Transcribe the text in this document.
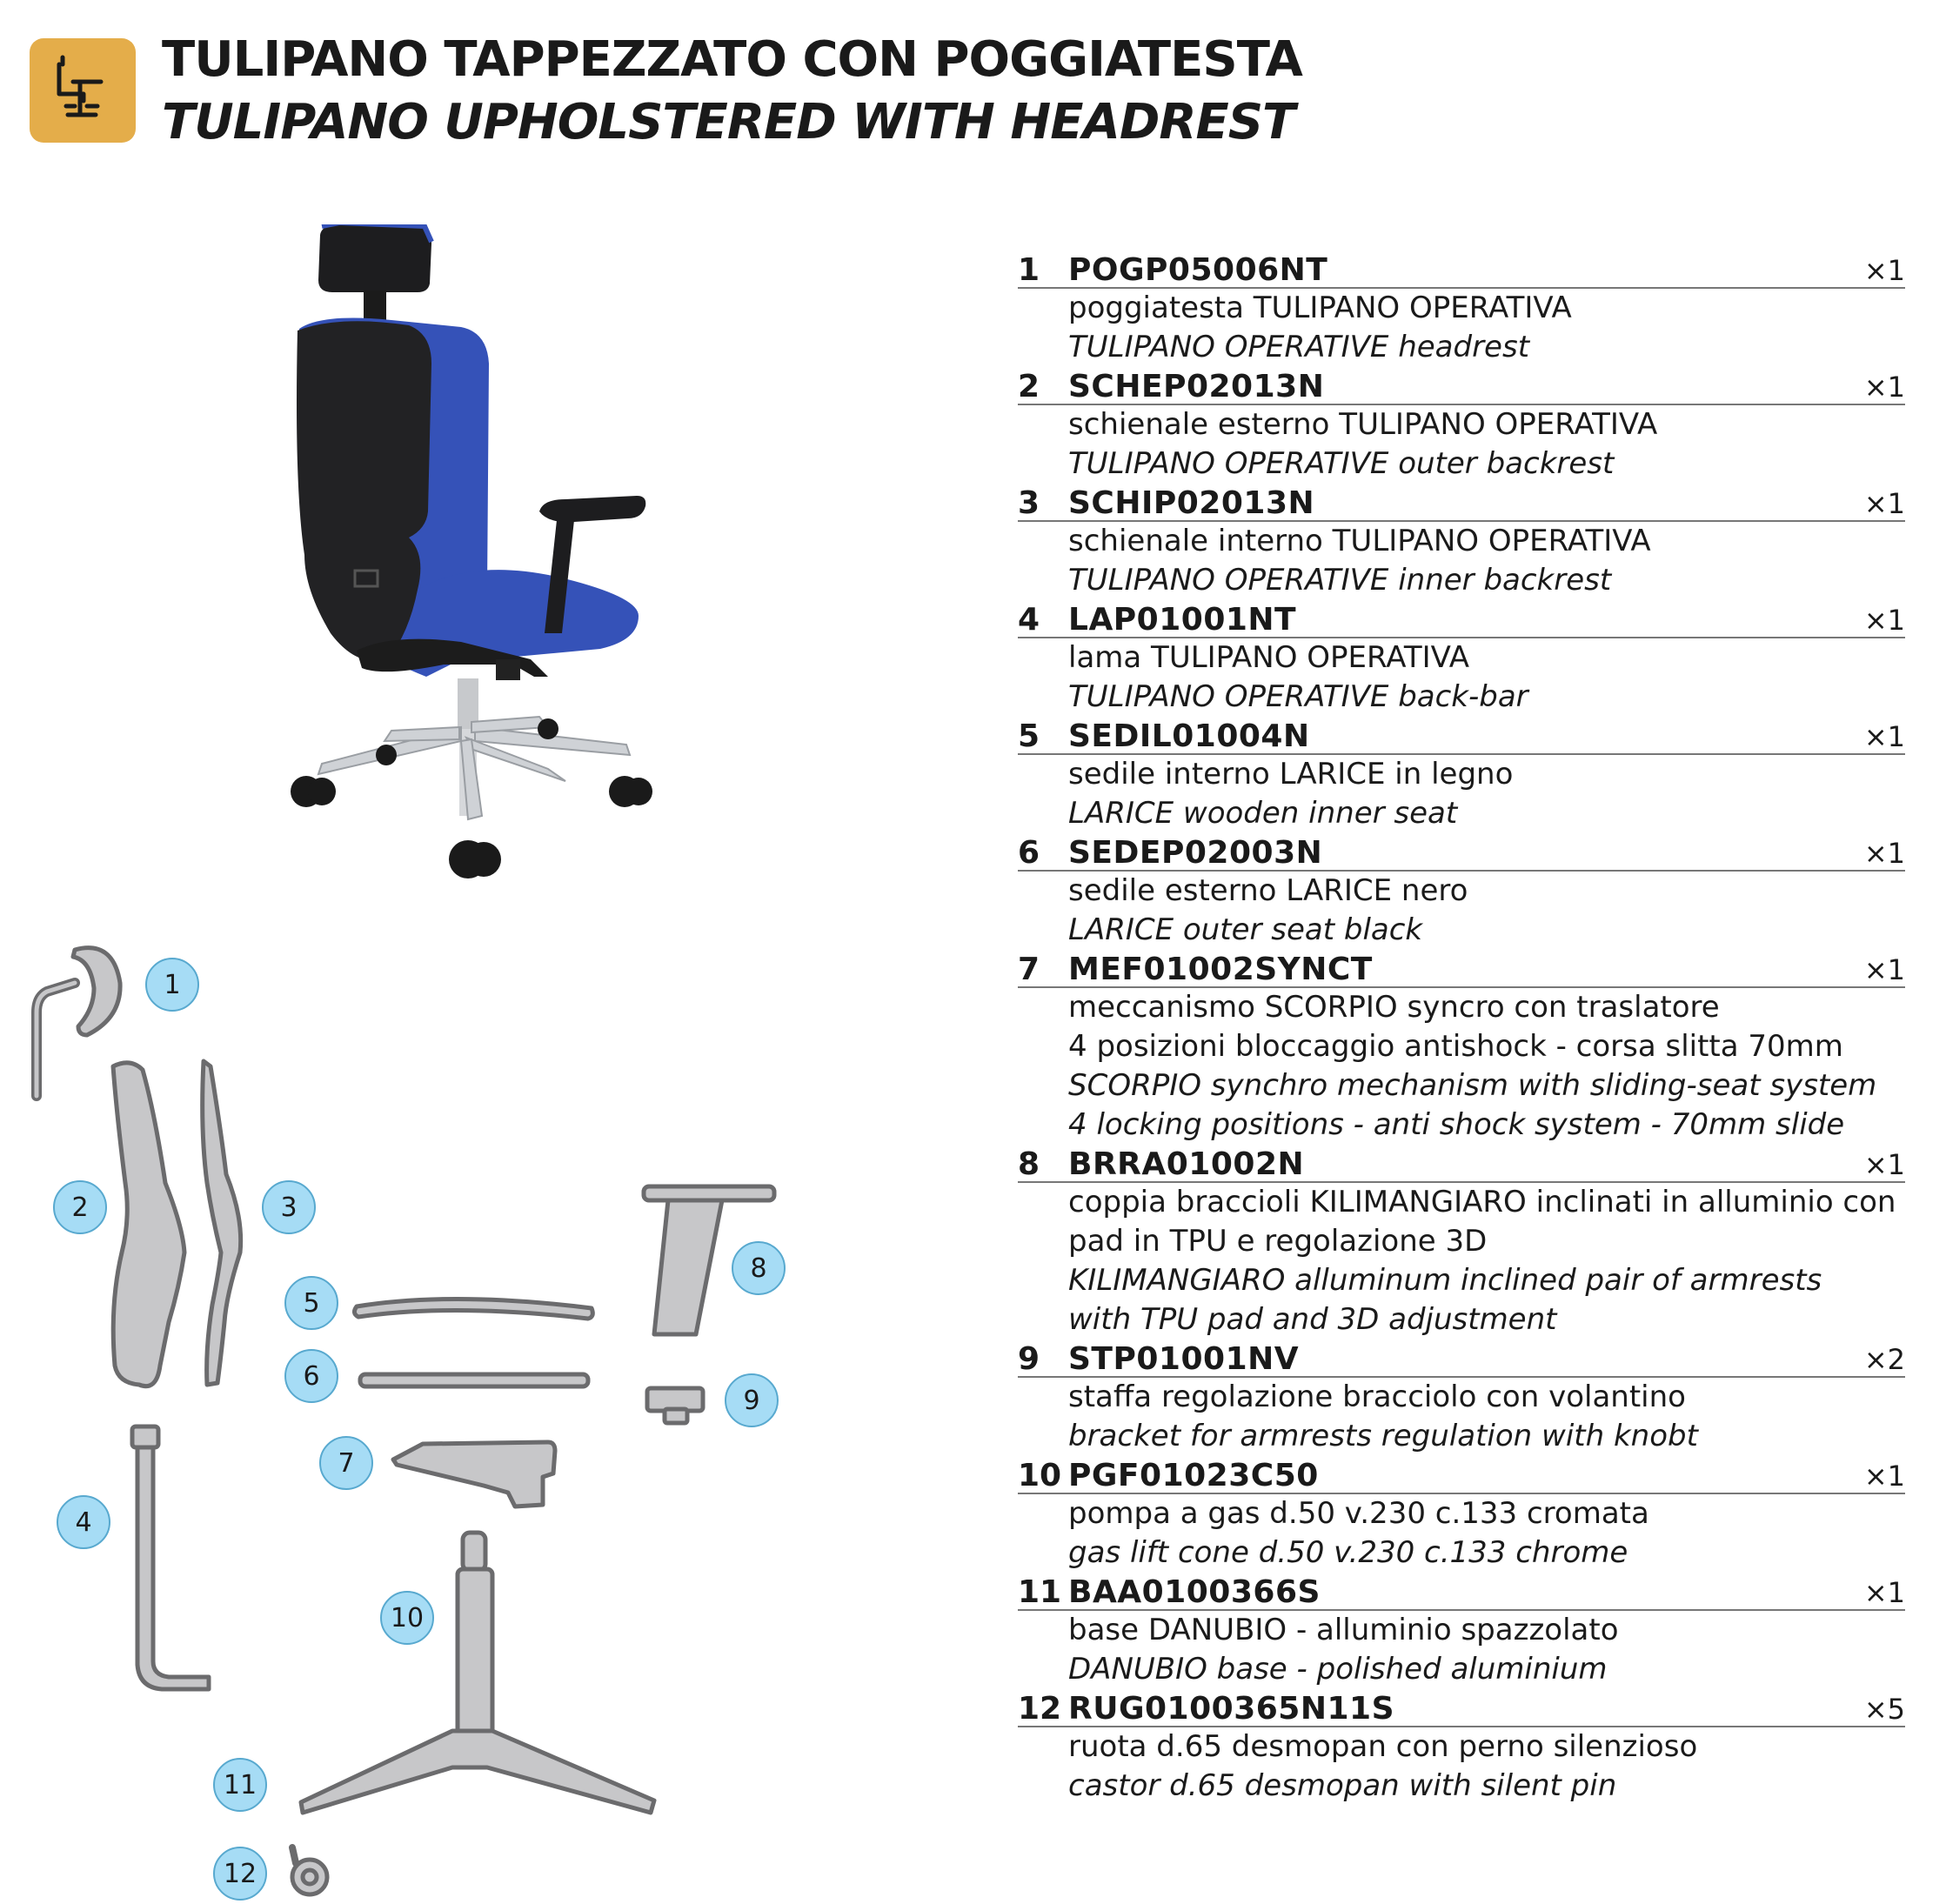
TULIPANO TAPPEZZATO CON POGGIATESTA
TULIPANO UPHOLSTERED WITH HEADREST
1
2	3
4
5
6
7
8
9
10
11
12
1 POGP05006NT	×1
poggiatesta TULIPANO OPERATIVA
TULIPANO OPERATIVE headrest
2 SCHEP02013N	×1
schienale esterno TULIPANO OPERATIVA
TULIPANO OPERATIVE outer backrest
3 SCHIP02013N	×1
schienale interno TULIPANO OPERATIVA
TULIPANO OPERATIVE inner backrest
4 LAP01001NT	×1
lama TULIPANO OPERATIVA
TULIPANO OPERATIVE back-bar
5 SEDIL01004N	×1
sedile interno LARICE in legno
LARICE wooden inner seat
6 SEDEP02003N	×1
sedile esterno LARICE nero
LARICE outer seat black
7 MEF01002SYNCT	×1
meccanismo SCORPIO syncro con traslatore
4 posizioni bloccaggio antishock - corsa slitta 70mm
SCORPIO synchro mechanism with sliding-seat system
4 locking positions - anti shock system - 70mm slide
8 BRRA01002N	×1
coppia braccioli KILIMANGIARO inclinati in alluminio con
pad in TPU e regolazione 3D
KILIMANGIARO alluminum inclined pair of armrests
with TPU pad and 3D adjustment
9 STP01001NV	×2
staffa regolazione bracciolo con volantino
bracket for armrests regulation with knobt
10 PGF01023C50	×1
pompa a gas d.50 v.230 c.133 cromata
gas lift cone d.50 v.230 c.133 chrome
11 BAA0100366S	×1
base DANUBIO - alluminio spazzolato
DANUBIO base - polished aluminium
12 RUG0100365N11S	×5
ruota d.65 desmopan con perno silenzioso
castor d.65 desmopan with silent pin
